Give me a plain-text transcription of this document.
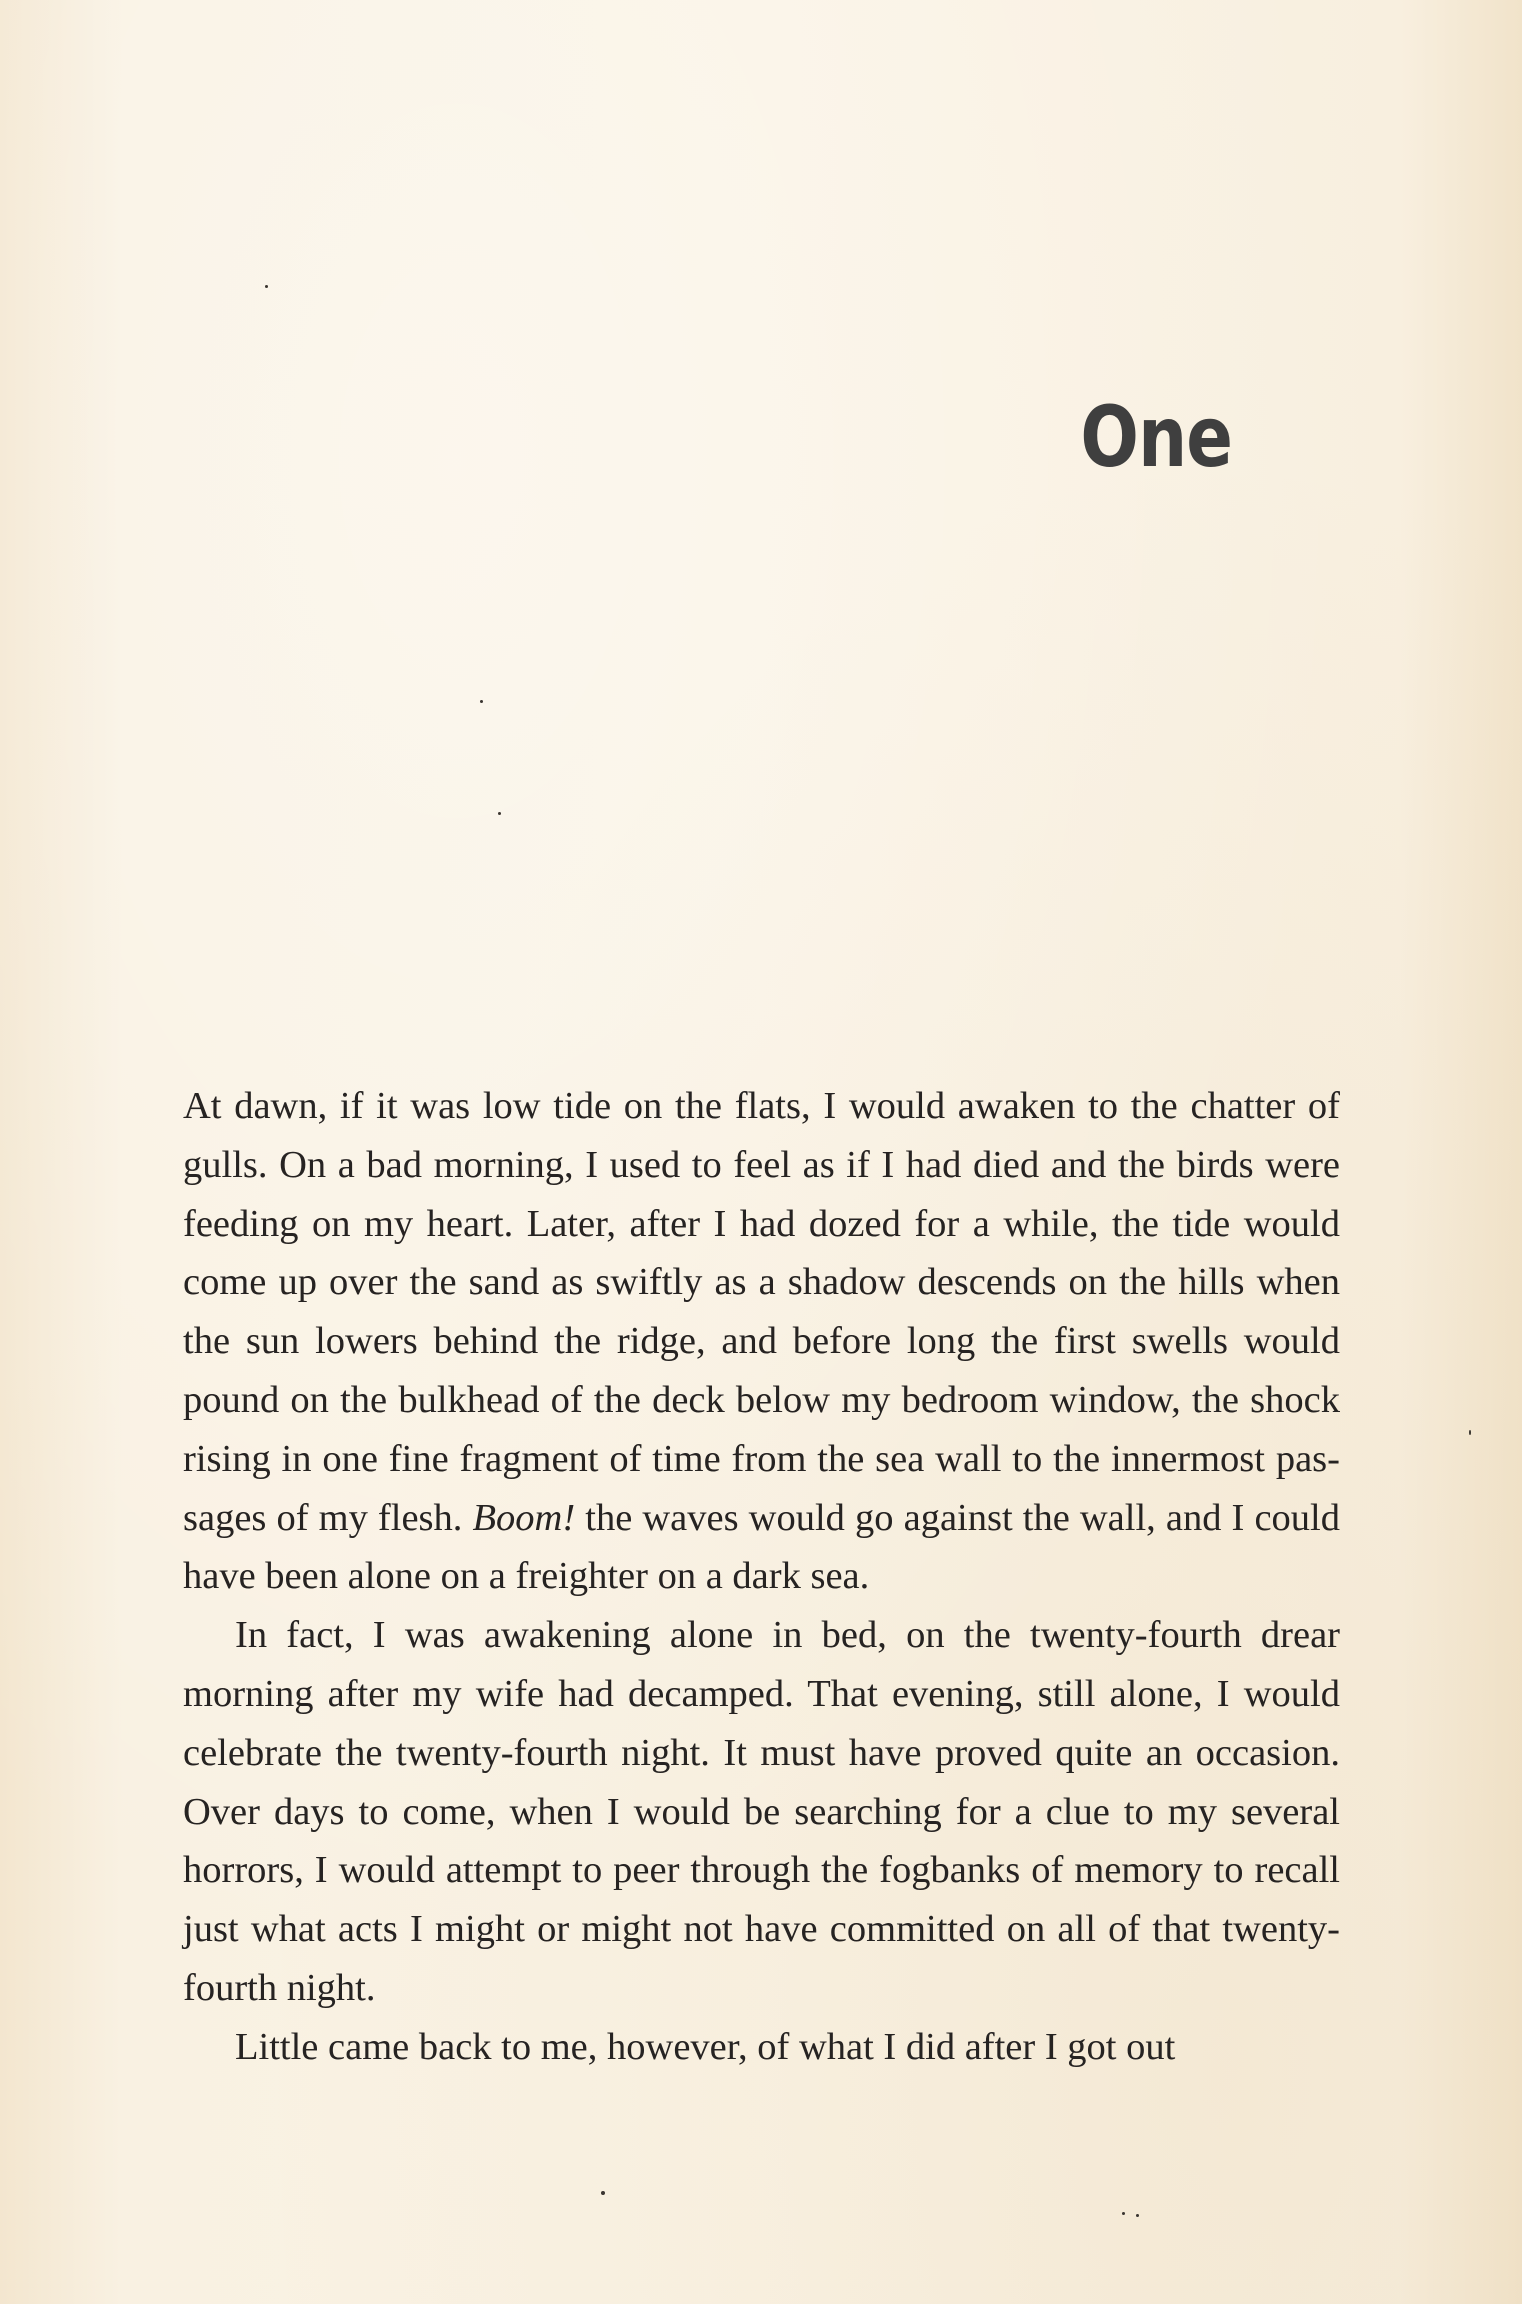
One

At dawn, if it was low tide on the flats, I would awaken to the chatter of gulls. On a bad morning, I used to feel as if I had died and the birds were feeding on my heart. Later, after I had dozed for a while, the tide would come up over the sand as swiftly as a shadow descends on the hills when the sun lowers behind the ridge, and before long the first swells would pound on the bulkhead of the deck below my bedroom window, the shock rising in one fine fragment of time from the sea wall to the innermost passages of my flesh. Boom! the waves would go against the wall, and I could have been alone on a freighter on a dark sea.

In fact, I was awakening alone in bed, on the twenty-fourth drear morning after my wife had decamped. That evening, still alone, I would celebrate the twenty-fourth night. It must have proved quite an occasion. Over days to come, when I would be searching for a clue to my several horrors, I would attempt to peer through the fogbanks of memory to recall just what acts I might or might not have committed on all of that twenty-fourth night.

Little came back to me, however, of what I did after I got out
